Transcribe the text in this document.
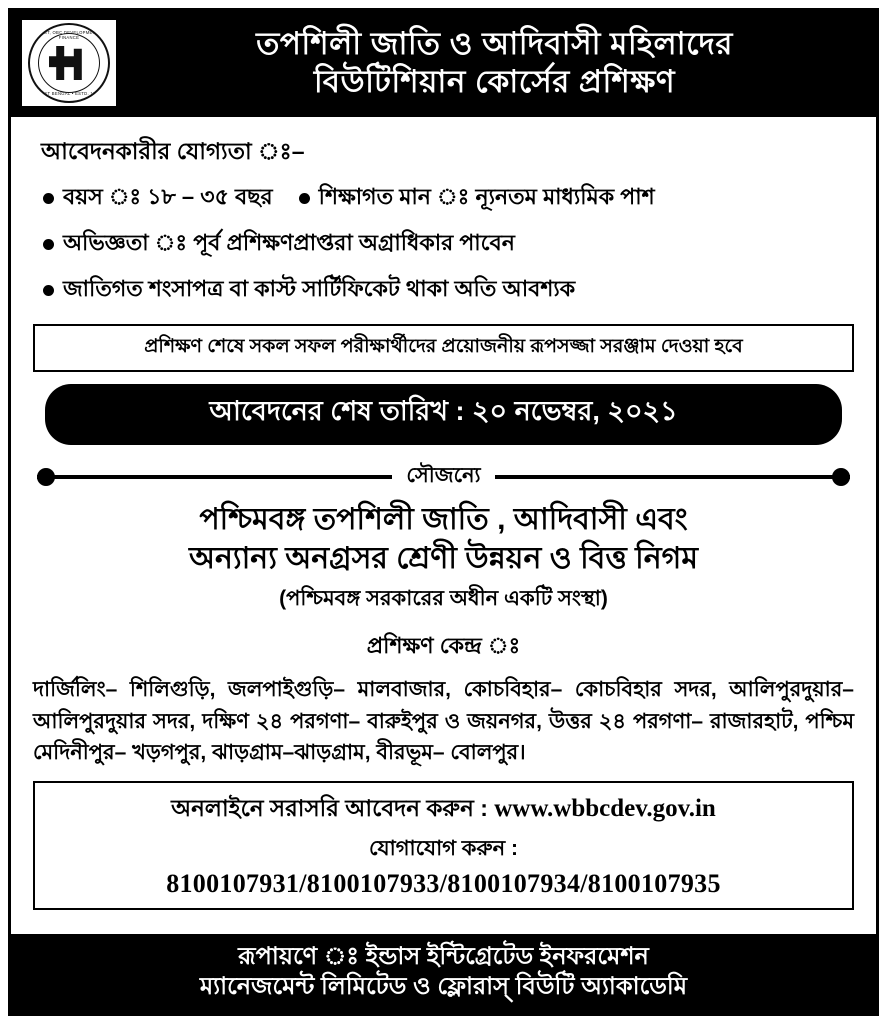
SC, ST, OBC DEVELOPMENT & FINANCE
WEST BENGAL • ESTD. 1976
তপশিলী জাতি ও আদিবাসী মহিলাদের
বিউটিশিয়ান কোর্সের প্রশিক্ষণ
আবেদনকারীর যোগ্যতা ঃ–
বয়স ঃ ১৮ – ৩৫ বছর শিক্ষাগত মান ঃ ন্যূনতম মাধ্যমিক পাশ
অভিজ্ঞতা ঃ পূর্ব প্রশিক্ষণপ্রাপ্তরা অগ্রাধিকার পাবেন
জাতিগত শংসাপত্র বা কাস্ট সার্টিফিকেট থাকা অতি আবশ্যক
প্রশিক্ষণ শেষে সকল সফল পরীক্ষার্থীদের প্রয়োজনীয় রূপসজ্জা সরঞ্জাম দেওয়া হবে
আবেদনের শেষ তারিখ : ২০ নভেম্বর, ২০২১
সৌজন্যে
পশ্চিমবঙ্গ তপশিলী জাতি , আদিবাসী এবং
অন্যান্য অনগ্রসর শ্রেণী উন্নয়ন ও বিত্ত নিগম
(পশ্চিমবঙ্গ সরকারের অধীন একটি সংস্থা)
প্রশিক্ষণ কেন্দ্র ঃ
দার্জিলিং– শিলিগুড়ি, জলপাইগুড়ি– মালবাজার, কোচবিহার– কোচবিহার সদর, আলিপুরদুয়ার– আলিপুরদুয়ার সদর, দক্ষিণ ২৪ পরগণা– বারুইপুর ও জয়নগর, উত্তর ২৪ পরগণা– রাজারহাট, পশ্চিম মেদিনীপুর– খড়গপুর, ঝাড়গ্রাম–ঝাড়গ্রাম, বীরভূম– বোলপুর।
অনলাইনে সরাসরি আবেদন করুন : www.wbbcdev.gov.in
যোগাযোগ করুন :
8100107931/8100107933/8100107934/8100107935
রূপায়ণে ঃ ইন্ডাস ইন্টিগ্রেটেড ইনফরমেশন
ম্যানেজমেন্ট লিমিটেড ও ফ্লোরাস্ বিউটি অ্যাকাডেমি
